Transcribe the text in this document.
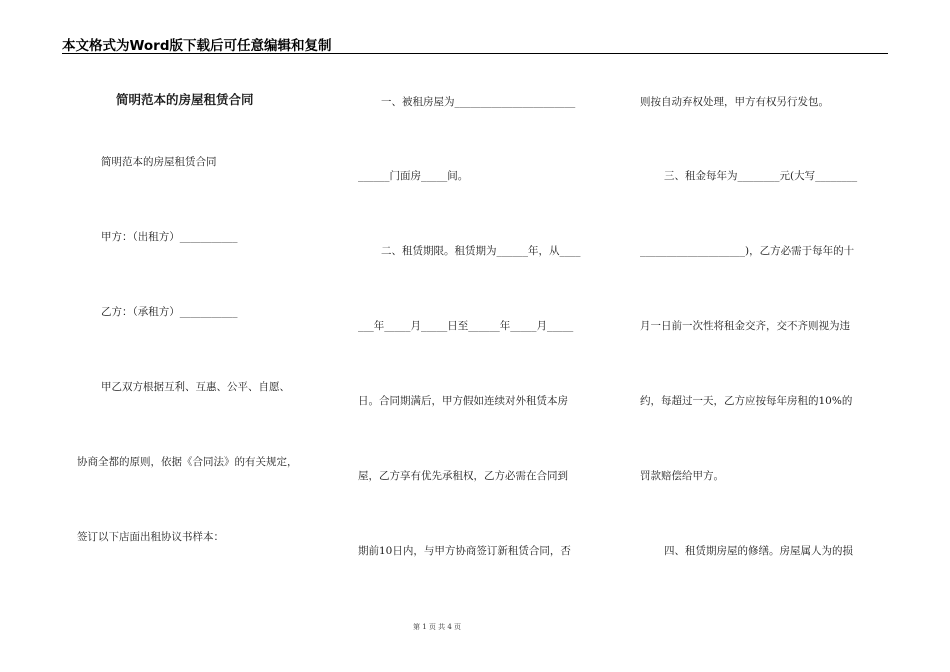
本文格式为Word版下载后可任意编辑和复制
简明范本的房屋租赁合同
简明范本的房屋租赁合同
甲方：（出租方）___________
乙方：（承租方）___________
甲乙双方根据互利、互惠、公平、自愿、
协商全都的原则，依据《合同法》的有关规定，
签订以下店面出租协议书样本：
一、被租房屋为_______________________
______门面房_____间。
二、租赁期限。租赁期为______年，从____
___年_____月_____日至______年_____月_____
日。合同期满后，甲方假如连续对外租赁本房
屋，乙方享有优先承租权，乙方必需在合同到
期前10日内，与甲方协商签订新租赁合同，否
则按自动弃权处理，甲方有权另行发包。
三、租金每年为________元(大写________
____________________)，乙方必需于每年的十
月一日前一次性将租金交齐，交不齐则视为违
约，每超过一天，乙方应按每年房租的10%的
罚款赔偿给甲方。
四、租赁期房屋的修缮。房屋属人为的损
第 1 页 共 4 页
